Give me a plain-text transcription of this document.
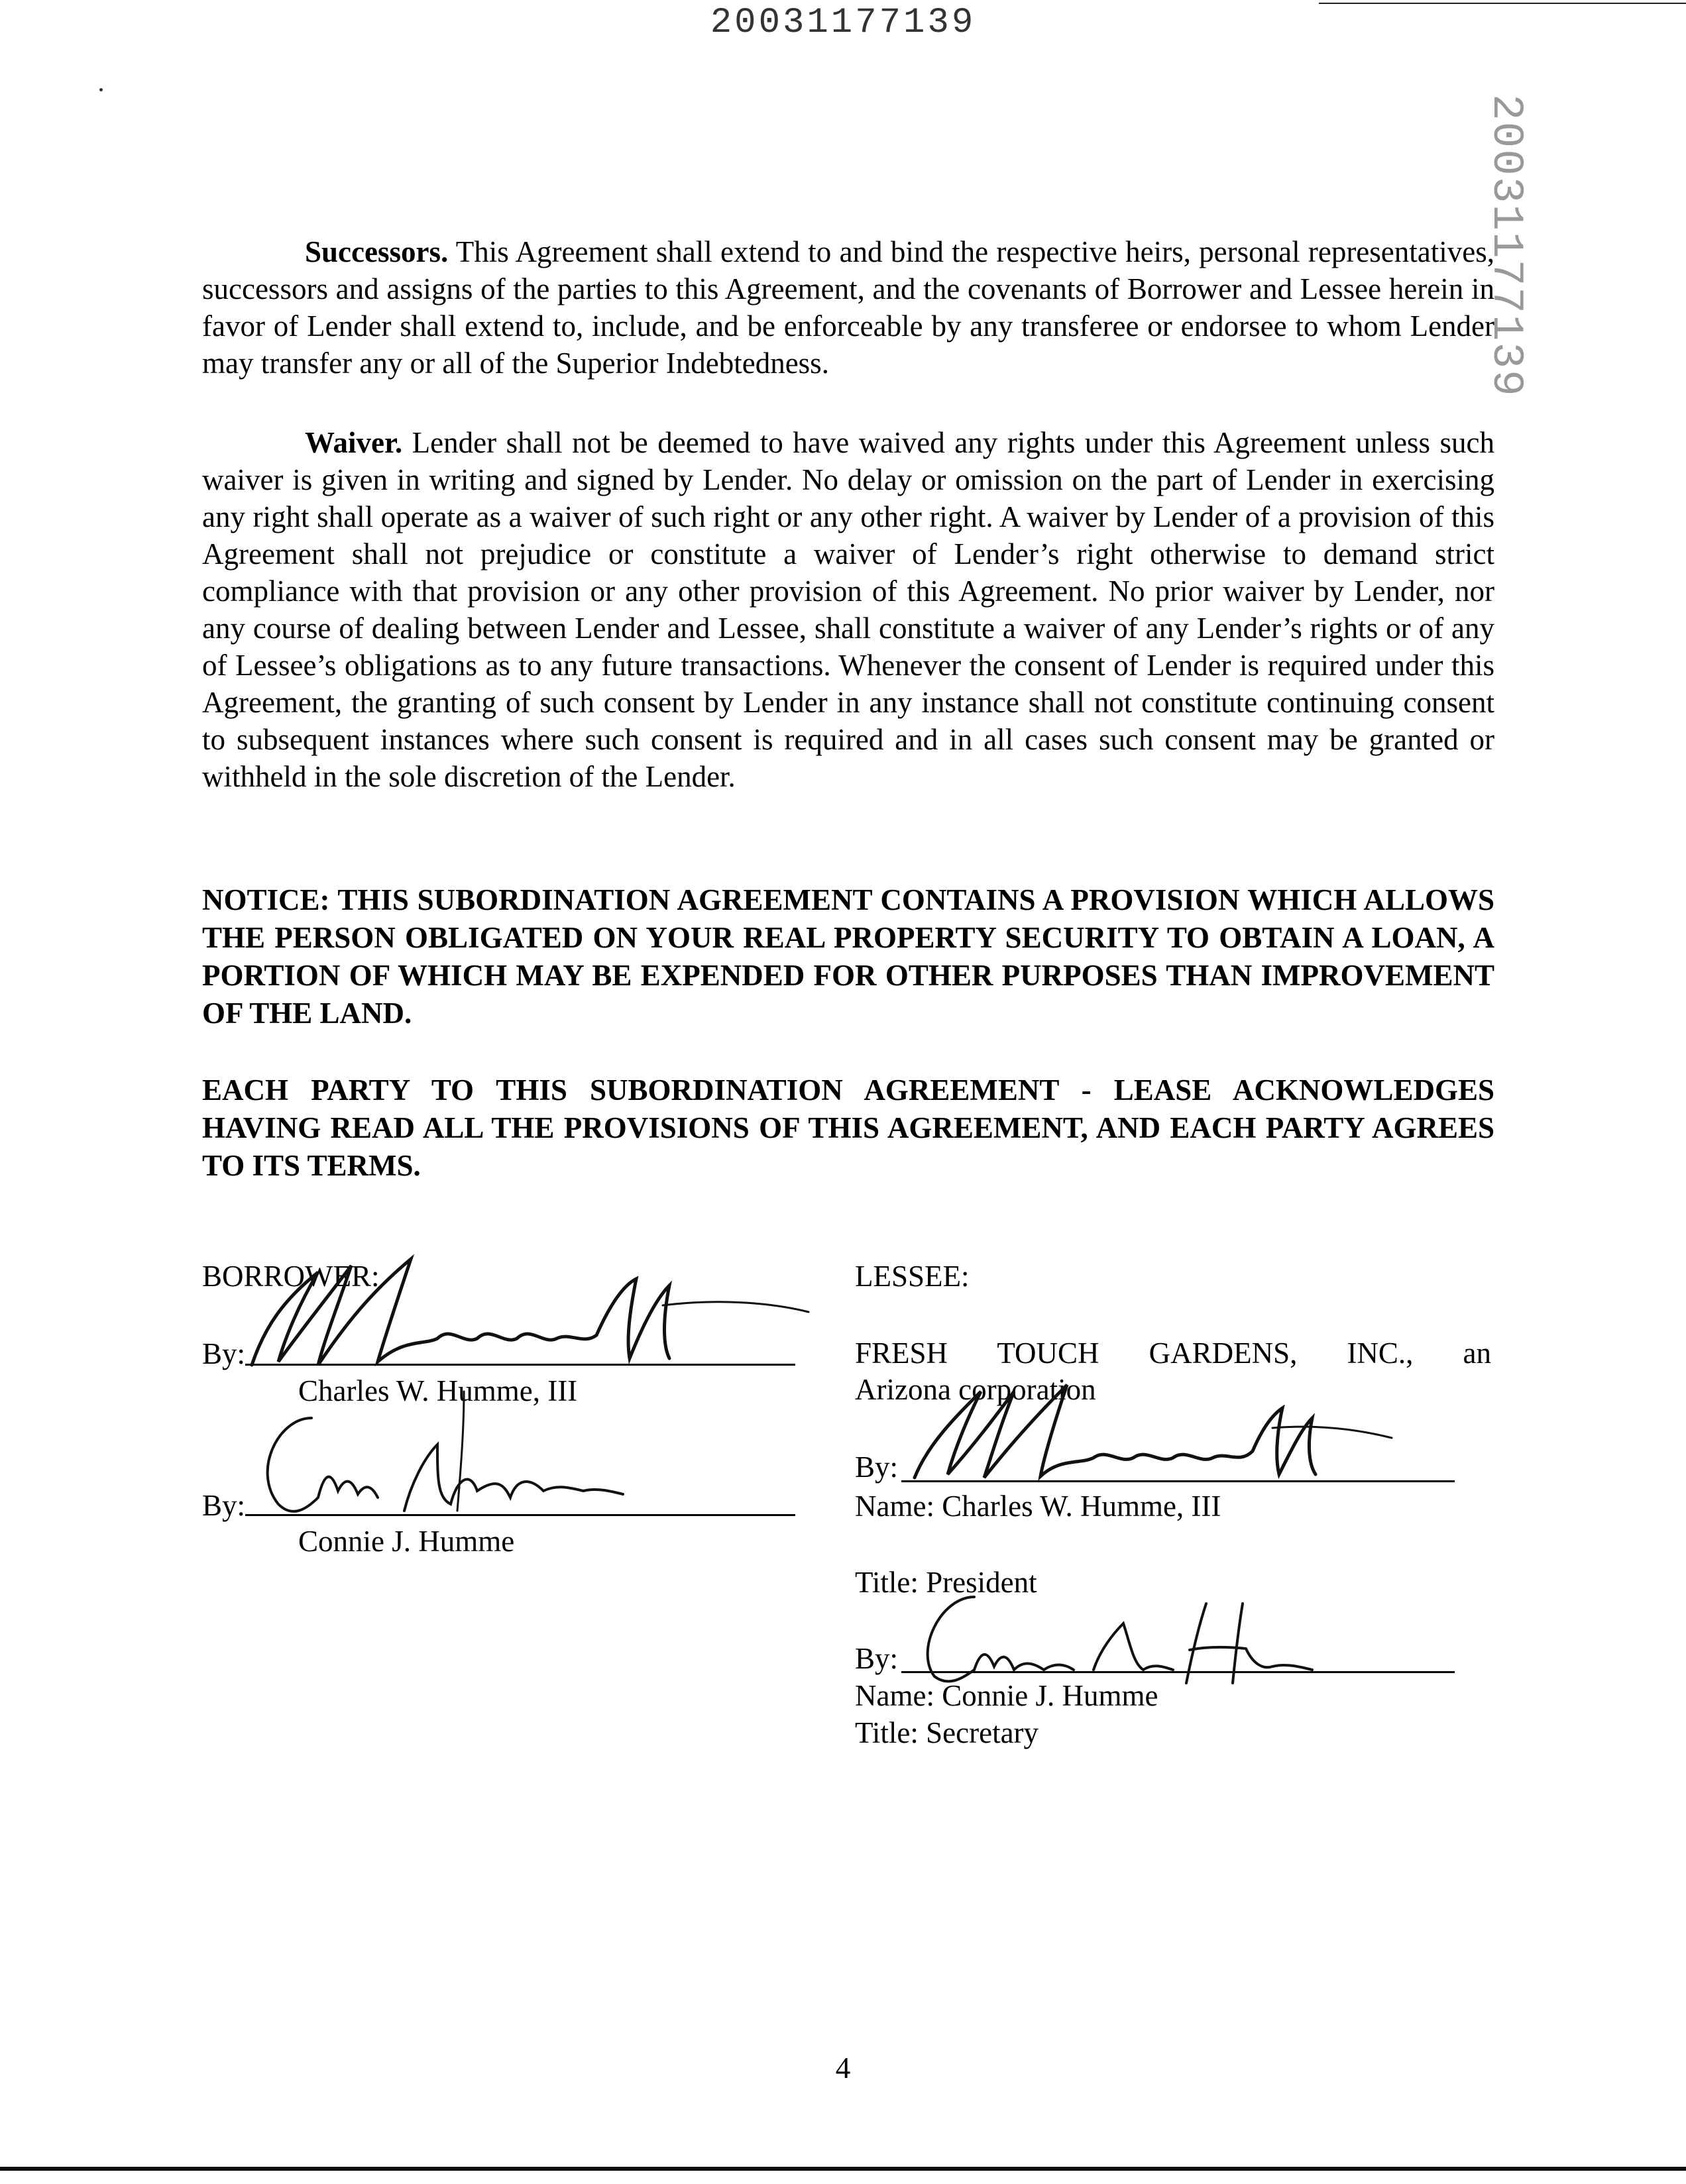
20031177139
20031177139

Successors. This Agreement shall extend to and bind the respective heirs, personal representatives, successors and assigns of the parties to this Agreement, and the covenants of Borrower and Lessee herein in favor of Lender shall extend to, include, and be enforceable by any transferee or endorsee to whom Lender may transfer any or all of the Superior Indebtedness.

Waiver. Lender shall not be deemed to have waived any rights under this Agreement unless such waiver is given in writing and signed by Lender. No delay or omission on the part of Lender in exercising any right shall operate as a waiver of such right or any other right. A waiver by Lender of a provision of this Agreement shall not prejudice or constitute a waiver of Lender’s right otherwise to demand strict compliance with that provision or any other provision of this Agreement. No prior waiver by Lender, nor any course of dealing between Lender and Lessee, shall constitute a waiver of any Lender’s rights or of any of Lessee’s obligations as to any future transactions. Whenever the consent of Lender is required under this Agreement, the granting of such consent by Lender in any instance shall not constitute continuing consent to subsequent instances where such consent is required and in all cases such consent may be granted or withheld in the sole discretion of the Lender.

NOTICE: THIS SUBORDINATION AGREEMENT CONTAINS A PROVISION WHICH ALLOWS THE PERSON OBLIGATED ON YOUR REAL PROPERTY SECURITY TO OBTAIN A LOAN, A PORTION OF WHICH MAY BE EXPENDED FOR OTHER PURPOSES THAN IMPROVEMENT OF THE LAND.

EACH PARTY TO THIS SUBORDINATION AGREEMENT - LEASE ACKNOWLEDGES HAVING READ ALL THE PROVISIONS OF THIS AGREEMENT, AND EACH PARTY AGREES TO ITS TERMS.

BORROWER:
By:
Charles W. Humme, III
By:
Connie J. Humme
LESSEE:
FRESH TOUCH GARDENS, INC., an
Arizona corporation
By:
Name: Charles W. Humme, III
Title: President
By:
Name: Connie J. Humme
Title: Secretary
4
